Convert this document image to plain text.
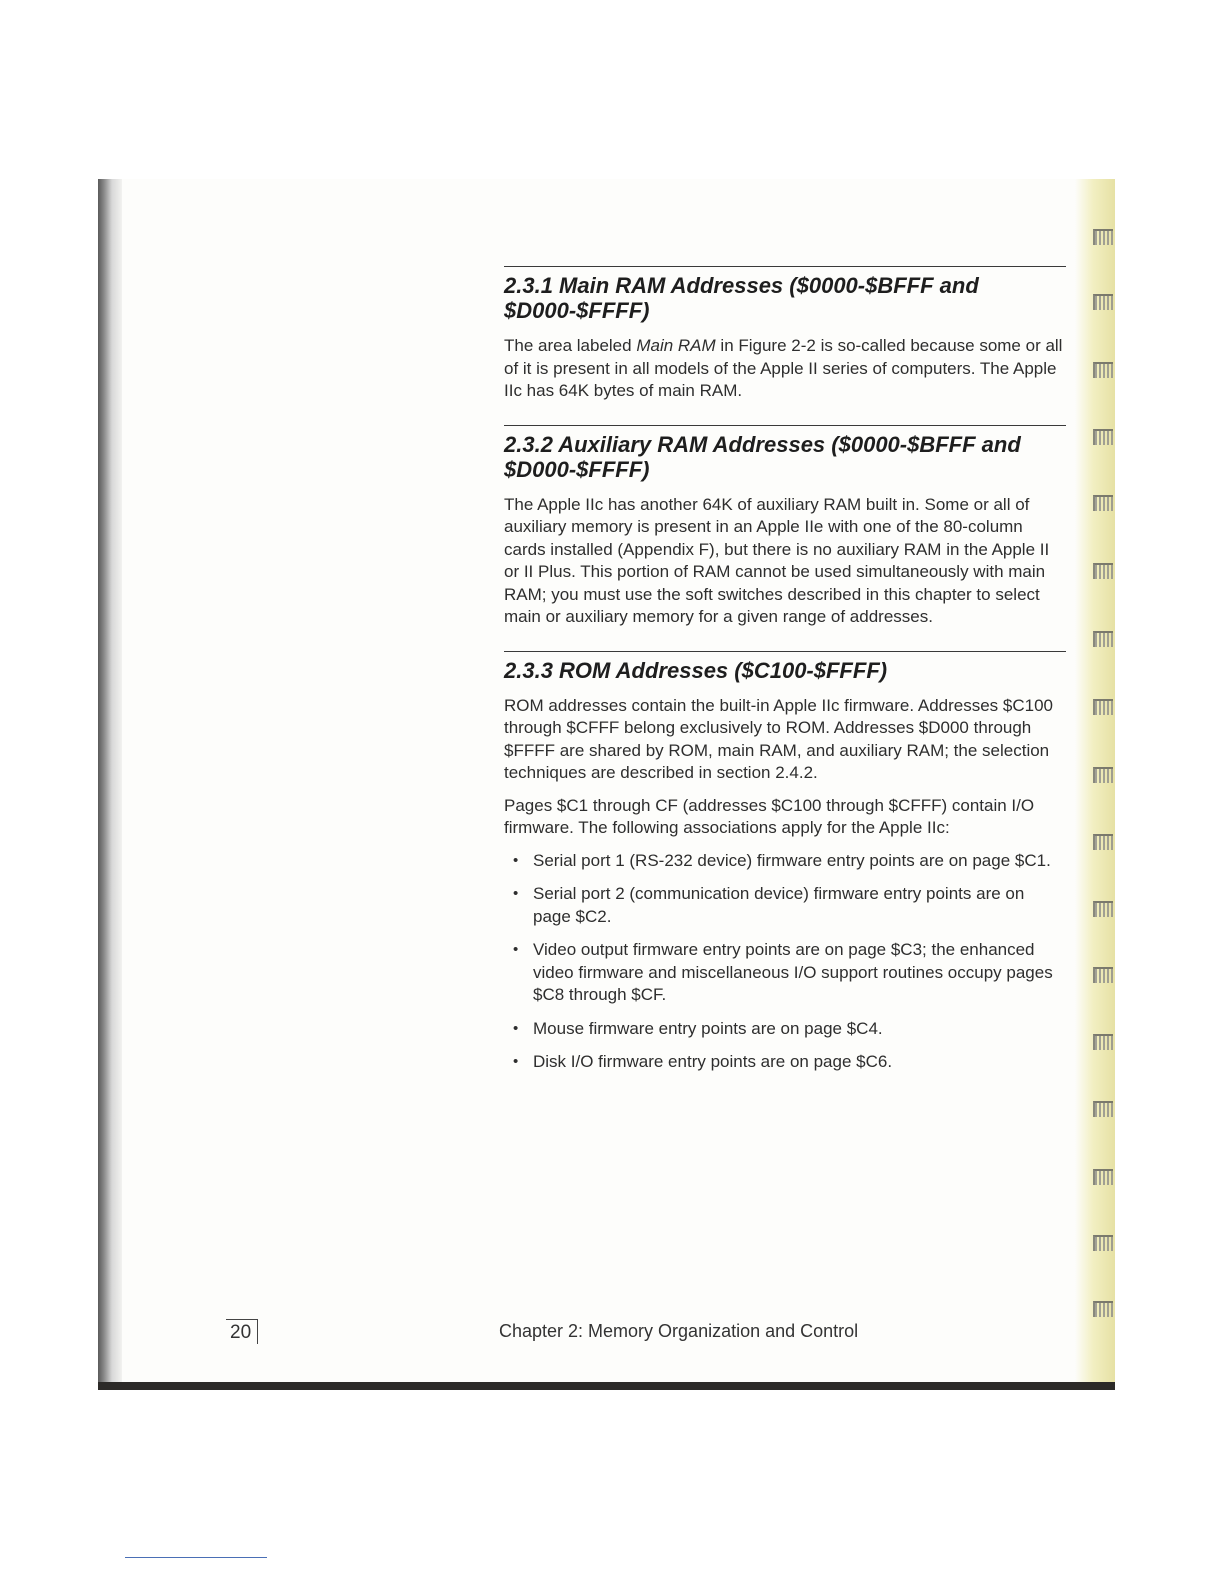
2.3.1 Main RAM Addresses ($0000-$BFFF and
$D000-$FFFF)

The area labeled Main RAM in Figure 2-2 is so-called because some or all of it is present in all models of the Apple II series of computers. The Apple IIc has 64K bytes of main RAM.

2.3.2 Auxiliary RAM Addresses ($0000-$BFFF and
$D000-$FFFF)

The Apple IIc has another 64K of auxiliary RAM built in. Some or all of auxiliary memory is present in an Apple IIe with one of the 80-column cards installed (Appendix F), but there is no auxiliary RAM in the Apple II or II Plus. This portion of RAM cannot be used simultaneously with main RAM; you must use the soft switches described in this chapter to select main or auxiliary memory for a given range of addresses.

2.3.3 ROM Addresses ($C100-$FFFF)

ROM addresses contain the built-in Apple IIc firmware. Addresses $C100 through $CFFF belong exclusively to ROM. Addresses $D000 through $FFFF are shared by ROM, main RAM, and auxiliary RAM; the selection techniques are described in section 2.4.2.

Pages $C1 through CF (addresses $C100 through $CFFF) contain I/O firmware. The following associations apply for the Apple IIc:

• Serial port 1 (RS-232 device) firmware entry points are on page $C1.
• Serial port 2 (communication device) firmware entry points are on page $C2.
• Video output firmware entry points are on page $C3; the enhanced video firmware and miscellaneous I/O support routines occupy pages $C8 through $CF.
• Mouse firmware entry points are on page $C4.
• Disk I/O firmware entry points are on page $C6.
20	Chapter 2: Memory Organization and Control
